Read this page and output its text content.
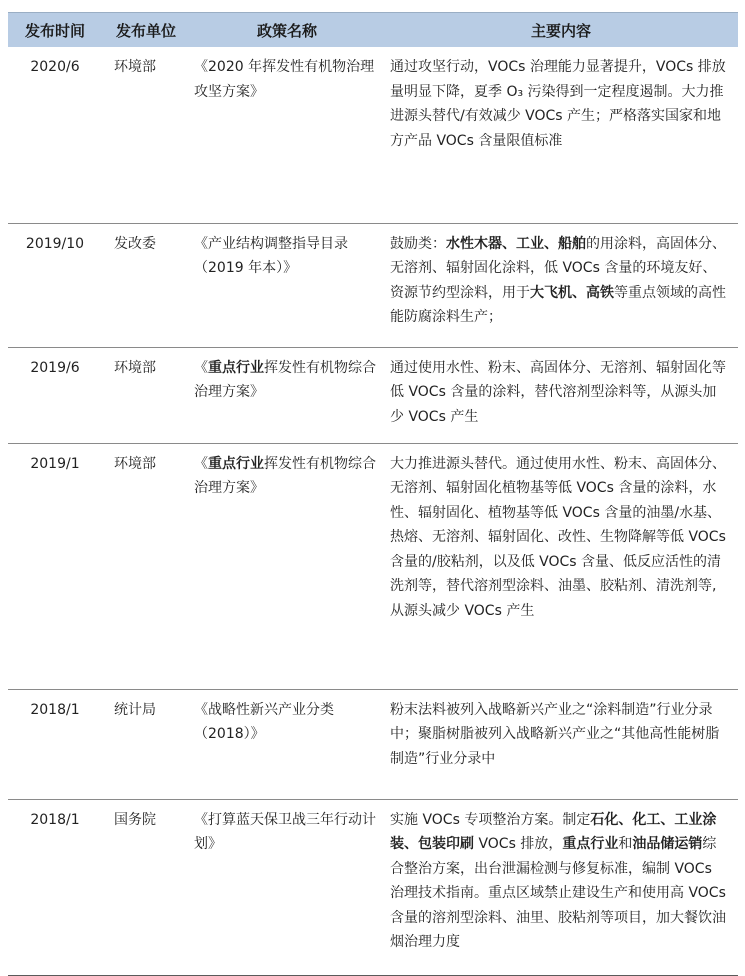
发布时间	发布单位	政策名称	主要内容
2020/6	环境部	《2020 年挥发性有机物治理攻坚方案》	通过攻坚行动，VOCs 治理能力显著提升，VOCs 排放量明显下降，夏季 O₃ 污染得到一定程度遏制。大力推进源头替代/有效减少 VOCs 产生；严格落实国家和地方产品 VOCs 含量限值标准
2019/10	发改委	《产业结构调整指导目录（2019 年本）》	鼓励类：水性木器、工业、船舶的用涂料，高固体分、无溶剂、辐射固化涂料，低 VOCs 含量的环境友好、资源节约型涂料，用于大飞机、高铁等重点领域的高性能防腐涂料生产；
2019/6	环境部	《重点行业挥发性有机物综合治理方案》	通过使用水性、粉末、高固体分、无溶剂、辐射固化等低 VOCs 含量的涂料，替代溶剂型涂料等，从源头加少 VOCs 产生
2019/1	环境部	《重点行业挥发性有机物综合治理方案》	大力推进源头替代。通过使用水性、粉末、高固体分、无溶剂、辐射固化植物基等低 VOCs 含量的涂料，水性、辐射固化、植物基等低 VOCs 含量的油墨/水基、热熔、无溶剂、辐射固化、改性、生物降解等低 VOCs 含量的/胶粘剂，以及低 VOCs 含量、低反应活性的清洗剂等，替代溶剂型涂料、油墨、胶粘剂、清洗剂等,从源头减少 VOCs 产生
2018/1	统计局	《战略性新兴产业分类（2018）》	粉末法料被列入战略新兴产业之“涂料制造”行业分录中；聚脂树脂被列入战略新兴产业之“其他高性能树脂制造”行业分录中
2018/1	国务院	《打算蓝天保卫战三年行动计划》	实施 VOCs 专项整治方案。制定石化、化工、工业涂装、包装印刷 VOCs 排放，重点行业和油品储运销综合整治方案，出台泄漏检测与修复标准，编制 VOCs 治理技术指南。重点区域禁止建设生产和使用高 VOCs 含量的溶剂型涂料、油里、胶粘剂等项目，加大餐饮油烟治理力度
